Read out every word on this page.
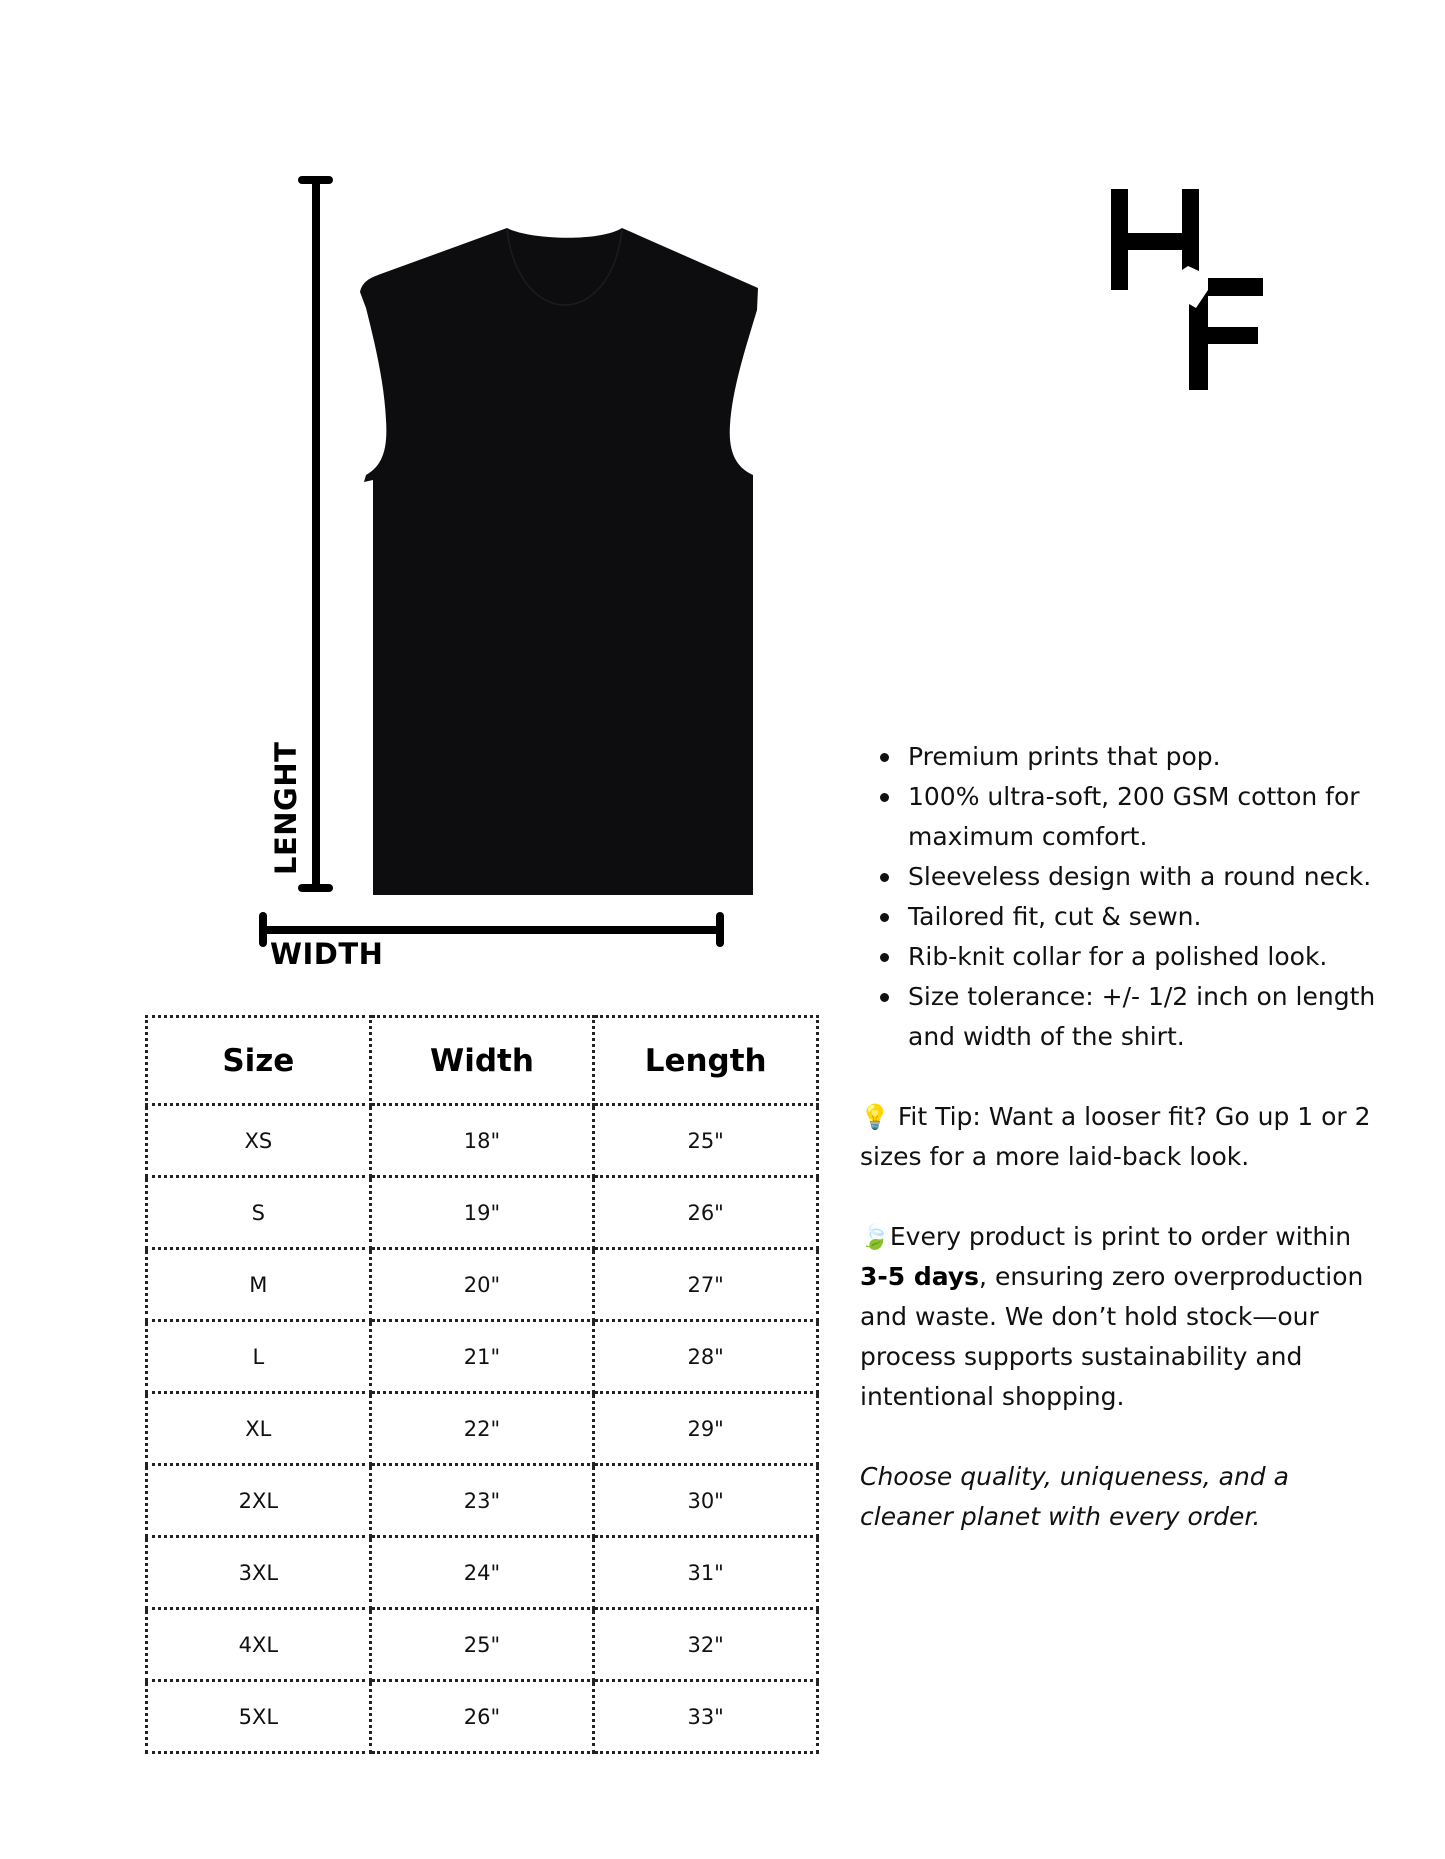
LENGHT
WIDTH
Size	Width	Length
XS	18"	25"
S	19"	26"
M	20"	27"
L	21"	28"
XL	22"	29"
2XL	23"	30"
3XL	24"	31"
4XL	25"	32"
5XL	26"	33"
Premium prints that pop.
100% ultra-soft, 200 GSM cotton for maximum comfort.
Sleeveless design with a round neck.
Tailored fit, cut & sewn.
Rib-knit collar for a polished look.
Size tolerance: +/- 1/2 inch on length and width of the shirt.

💡 Fit Tip: Want a looser fit? Go up 1 or 2 sizes for a more laid-back look.

🍃Every product is print to order within 3-5 days, ensuring zero overproduction and waste. We don’t hold stock—our process supports sustainability and intentional shopping.

Choose quality, uniqueness, and a cleaner planet with every order.
